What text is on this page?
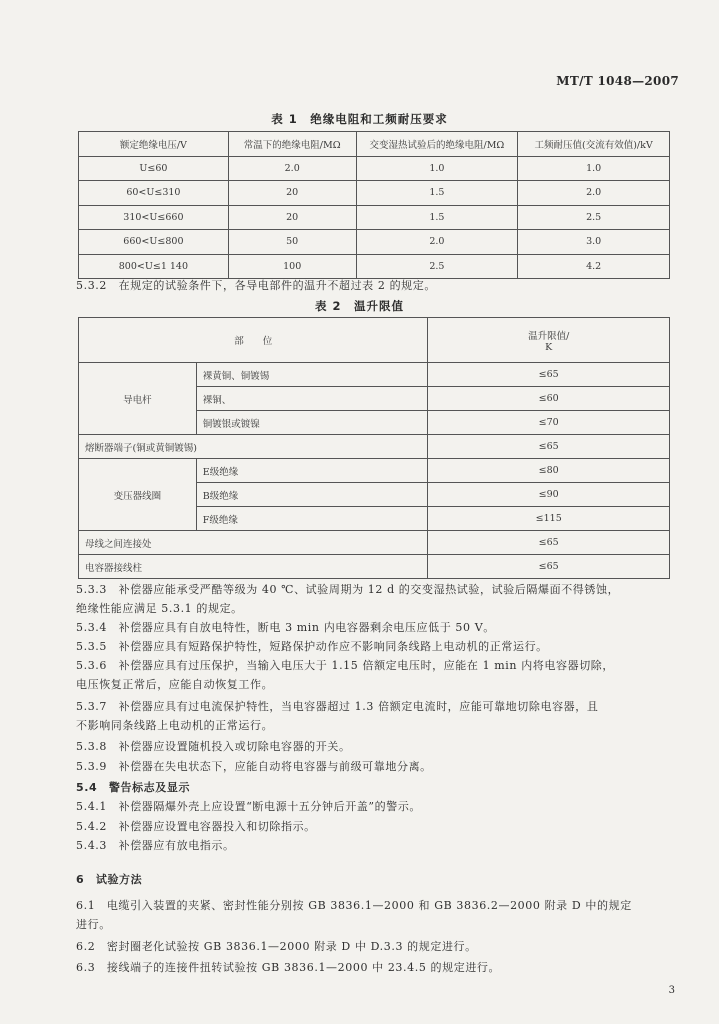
MT/T 1048—2007
表 1　绝缘电阻和工频耐压要求
额定绝缘电压/V	常温下的绝缘电阻/MΩ	交变湿热试验后的绝缘电阻/MΩ	工频耐压值(交流有效值)/kV
U≤60	2.0	1.0	1.0
60<U≤310	20	1.5	2.0
310<U≤660	20	1.5	2.5
660<U≤800	50	2.0	3.0
800<U≤1 140	100	2.5	4.2
5.3.2　在规定的试验条件下，各导电部件的温升不超过表 2 的规定。
表 2　温升限值
部　　位		温升限值/
K

导电杆	裸黄铜、铜镀锡	≤65
	裸铜、	≤60
	铜镀银或镀镍	≤70
熔断器端子(铜或黄铜镀锡)		≤65
变压器线圈	E级绝缘	≤80
	B级绝缘	≤90
	F级绝缘	≤115
母线之间连接处		≤65
电容器接线柱		≤65
5.3.3　补偿器应能承受严酷等级为 40 ℃、试验周期为 12 d 的交变湿热试验，试验后隔爆面不得锈蚀，
绝缘性能应满足 5.3.1 的规定。
5.3.4　补偿器应具有自放电特性，断电 3 min 内电容器剩余电压应低于 50 V。
5.3.5　补偿器应具有短路保护特性，短路保护动作应不影响同条线路上电动机的正常运行。
5.3.6　补偿器应具有过压保护，当输入电压大于 1.15 倍额定电压时，应能在 1 min 内将电容器切除，
电压恢复正常后，应能自动恢复工作。
5.3.7　补偿器应具有过电流保护特性，当电容器超过 1.3 倍额定电流时，应能可靠地切除电容器，且
不影响同条线路上电动机的正常运行。
5.3.8　补偿器应设置随机投入或切除电容器的开关。
5.3.9　补偿器在失电状态下，应能自动将电容器与前级可靠地分离。
5.4　警告标志及显示
5.4.1　补偿器隔爆外壳上应设置“断电源十五分钟后开盖”的警示。
5.4.2　补偿器应设置电容器投入和切除指示。
5.4.3　补偿器应有放电指示。
6　试验方法
6.1　电缆引入装置的夹紧、密封性能分别按 GB 3836.1—2000 和 GB 3836.2—2000 附录 D 中的规定
进行。
6.2　密封圈老化试验按 GB 3836.1—2000 附录 D 中 D.3.3 的规定进行。
6.3　接线端子的连接件扭转试验按 GB 3836.1—2000 中 23.4.5 的规定进行。
3
